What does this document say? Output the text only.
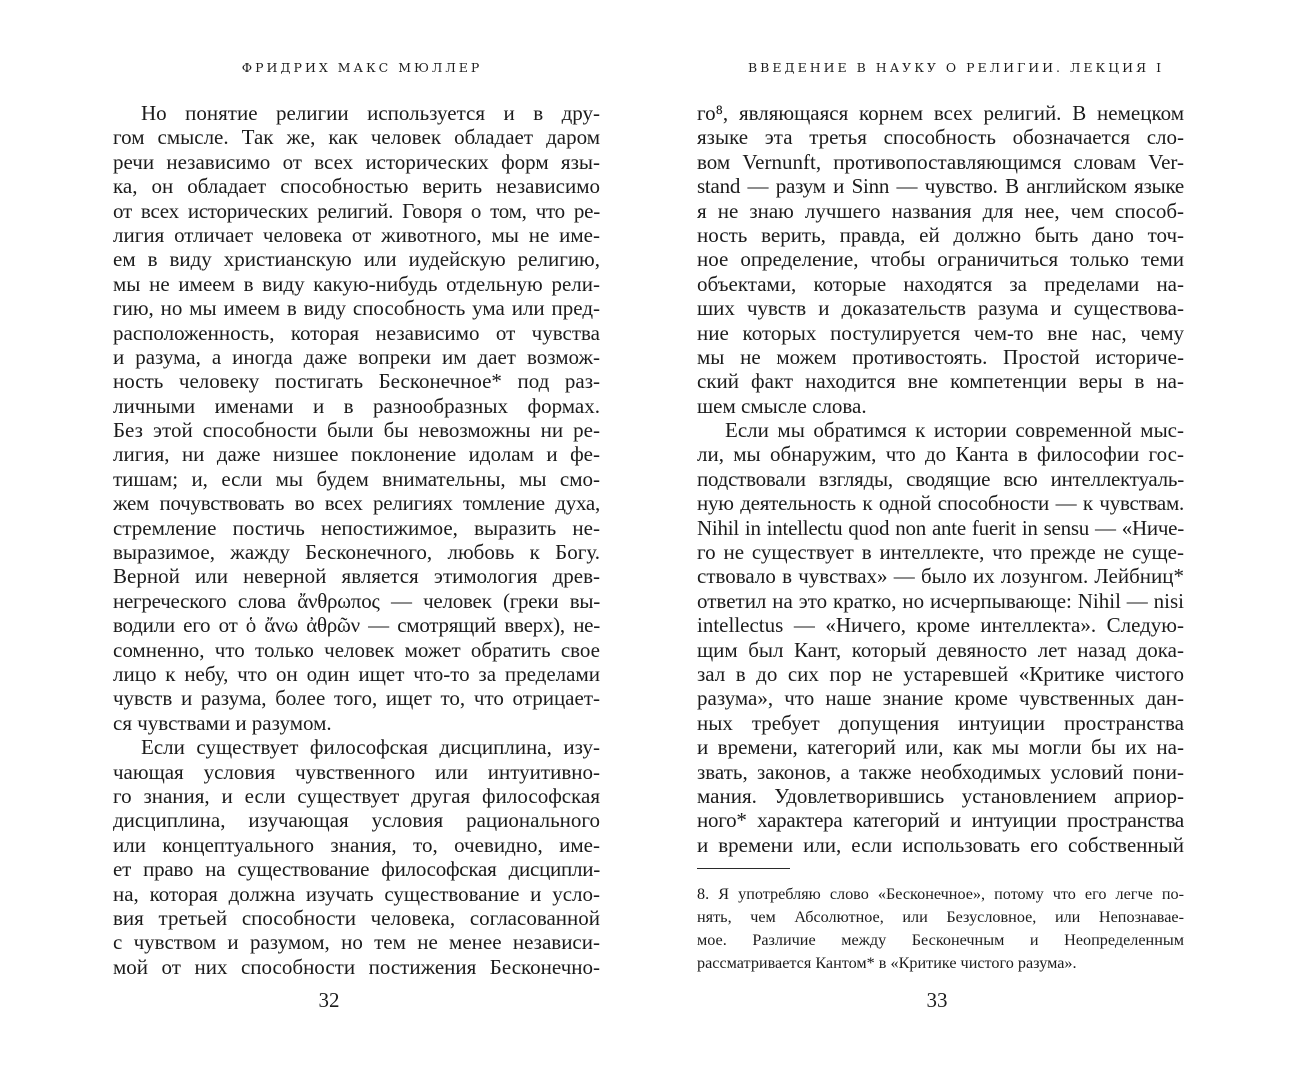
ФРИДРИХ МАКС МЮЛЛЕР
Но понятие религии используется и в дру-
гом смысле. Так же, как человек обладает даром
речи независимо от всех исторических форм язы-
ка, он обладает способностью верить независимо
от всех исторических религий. Говоря о том, что ре-
лигия отличает человека от животного, мы не име-
ем в виду христианскую или иудейскую религию,
мы не имеем в виду какую-нибудь отдельную рели-
гию, но мы имеем в виду способность ума или пред-
расположенность, которая независимо от чувства
и разума, а иногда даже вопреки им дает возмож-
ность человеку постигать Бесконечное* под раз-
личными именами и в разнообразных формах.
Без этой способности были бы невозможны ни ре-
лигия, ни даже низшее поклонение идолам и фе-
тишам; и, если мы будем внимательны, мы смо-
жем почувствовать во всех религиях томление духа,
стремление постичь непостижимое, выразить не-
выразимое, жажду Бесконечного, любовь к Богу.
Верной или неверной является этимология древ-
негреческого слова ἄνθρωπος — человек (греки вы-
водили его от ὁ ἄνω ἀθρῶν — смотрящий вверх), не-
сомненно, что только человек может обратить свое
лицо к небу, что он один ищет что-то за пределами
чувств и разума, более того, ищет то, что отрицает-
ся чувствами и разумом.
Если существует философская дисциплина, изу-
чающая условия чувственного или интуитивно-
го знания, и если существует другая философская
дисциплина, изучающая условия рационального
или концептуального знания, то, очевидно, име-
ет право на существование философская дисципли-
на, которая должна изучать существование и усло-
вия третьей способности человека, согласованной
с чувством и разумом, но тем не менее независи-
мой от них способности постижения Бесконечно-
32
ВВЕДЕНИЕ В НАУКУ О РЕЛИГИИ. ЛЕКЦИЯ I
го⁸, являющаяся корнем всех религий. В немецком
языке эта третья способность обозначается сло-
вом Vernunft, противопоставляющимся словам Ver-
stand — разум и Sinn — чувство. В английском языке
я не знаю лучшего названия для нее, чем способ-
ность верить, правда, ей должно быть дано точ-
ное определение, чтобы ограничиться только теми
объектами, которые находятся за пределами на-
ших чувств и доказательств разума и существова-
ние которых постулируется чем-то вне нас, чему
мы не можем противостоять. Простой историче-
ский факт находится вне компетенции веры в на-
шем смысле слова.
Если мы обратимся к истории современной мыс-
ли, мы обнаружим, что до Канта в философии гос-
подствовали взгляды, сводящие всю интеллектуаль-
ную деятельность к одной способности — к чувствам.
Nihil in intellectu quod non ante fuerit in sensu — «Ниче-
го не существует в интеллекте, что прежде не суще-
ствовало в чувствах» — было их лозунгом. Лейбниц*
ответил на это кратко, но исчерпывающе: Nihil — nisi
intellectus — «Ничего, кроме интеллекта». Следую-
щим был Кант, который девяносто лет назад дока-
зал в до сих пор не устаревшей «Критике чистого
разума», что наше знание кроме чувственных дан-
ных требует допущения интуиции пространства
и времени, категорий или, как мы могли бы их на-
звать, законов, а также необходимых условий пони-
мания. Удовлетворившись установлением априор-
ного* характера категорий и интуиции пространства
и времени или, если использовать его собственный
8. Я употребляю слово «Бесконечное», потому что его легче по-
нять, чем Абсолютное, или Безусловное, или Непознавае-
мое. Различие между Бесконечным и Неопределенным
рассматривается Кантом* в «Критике чистого разума».
33
